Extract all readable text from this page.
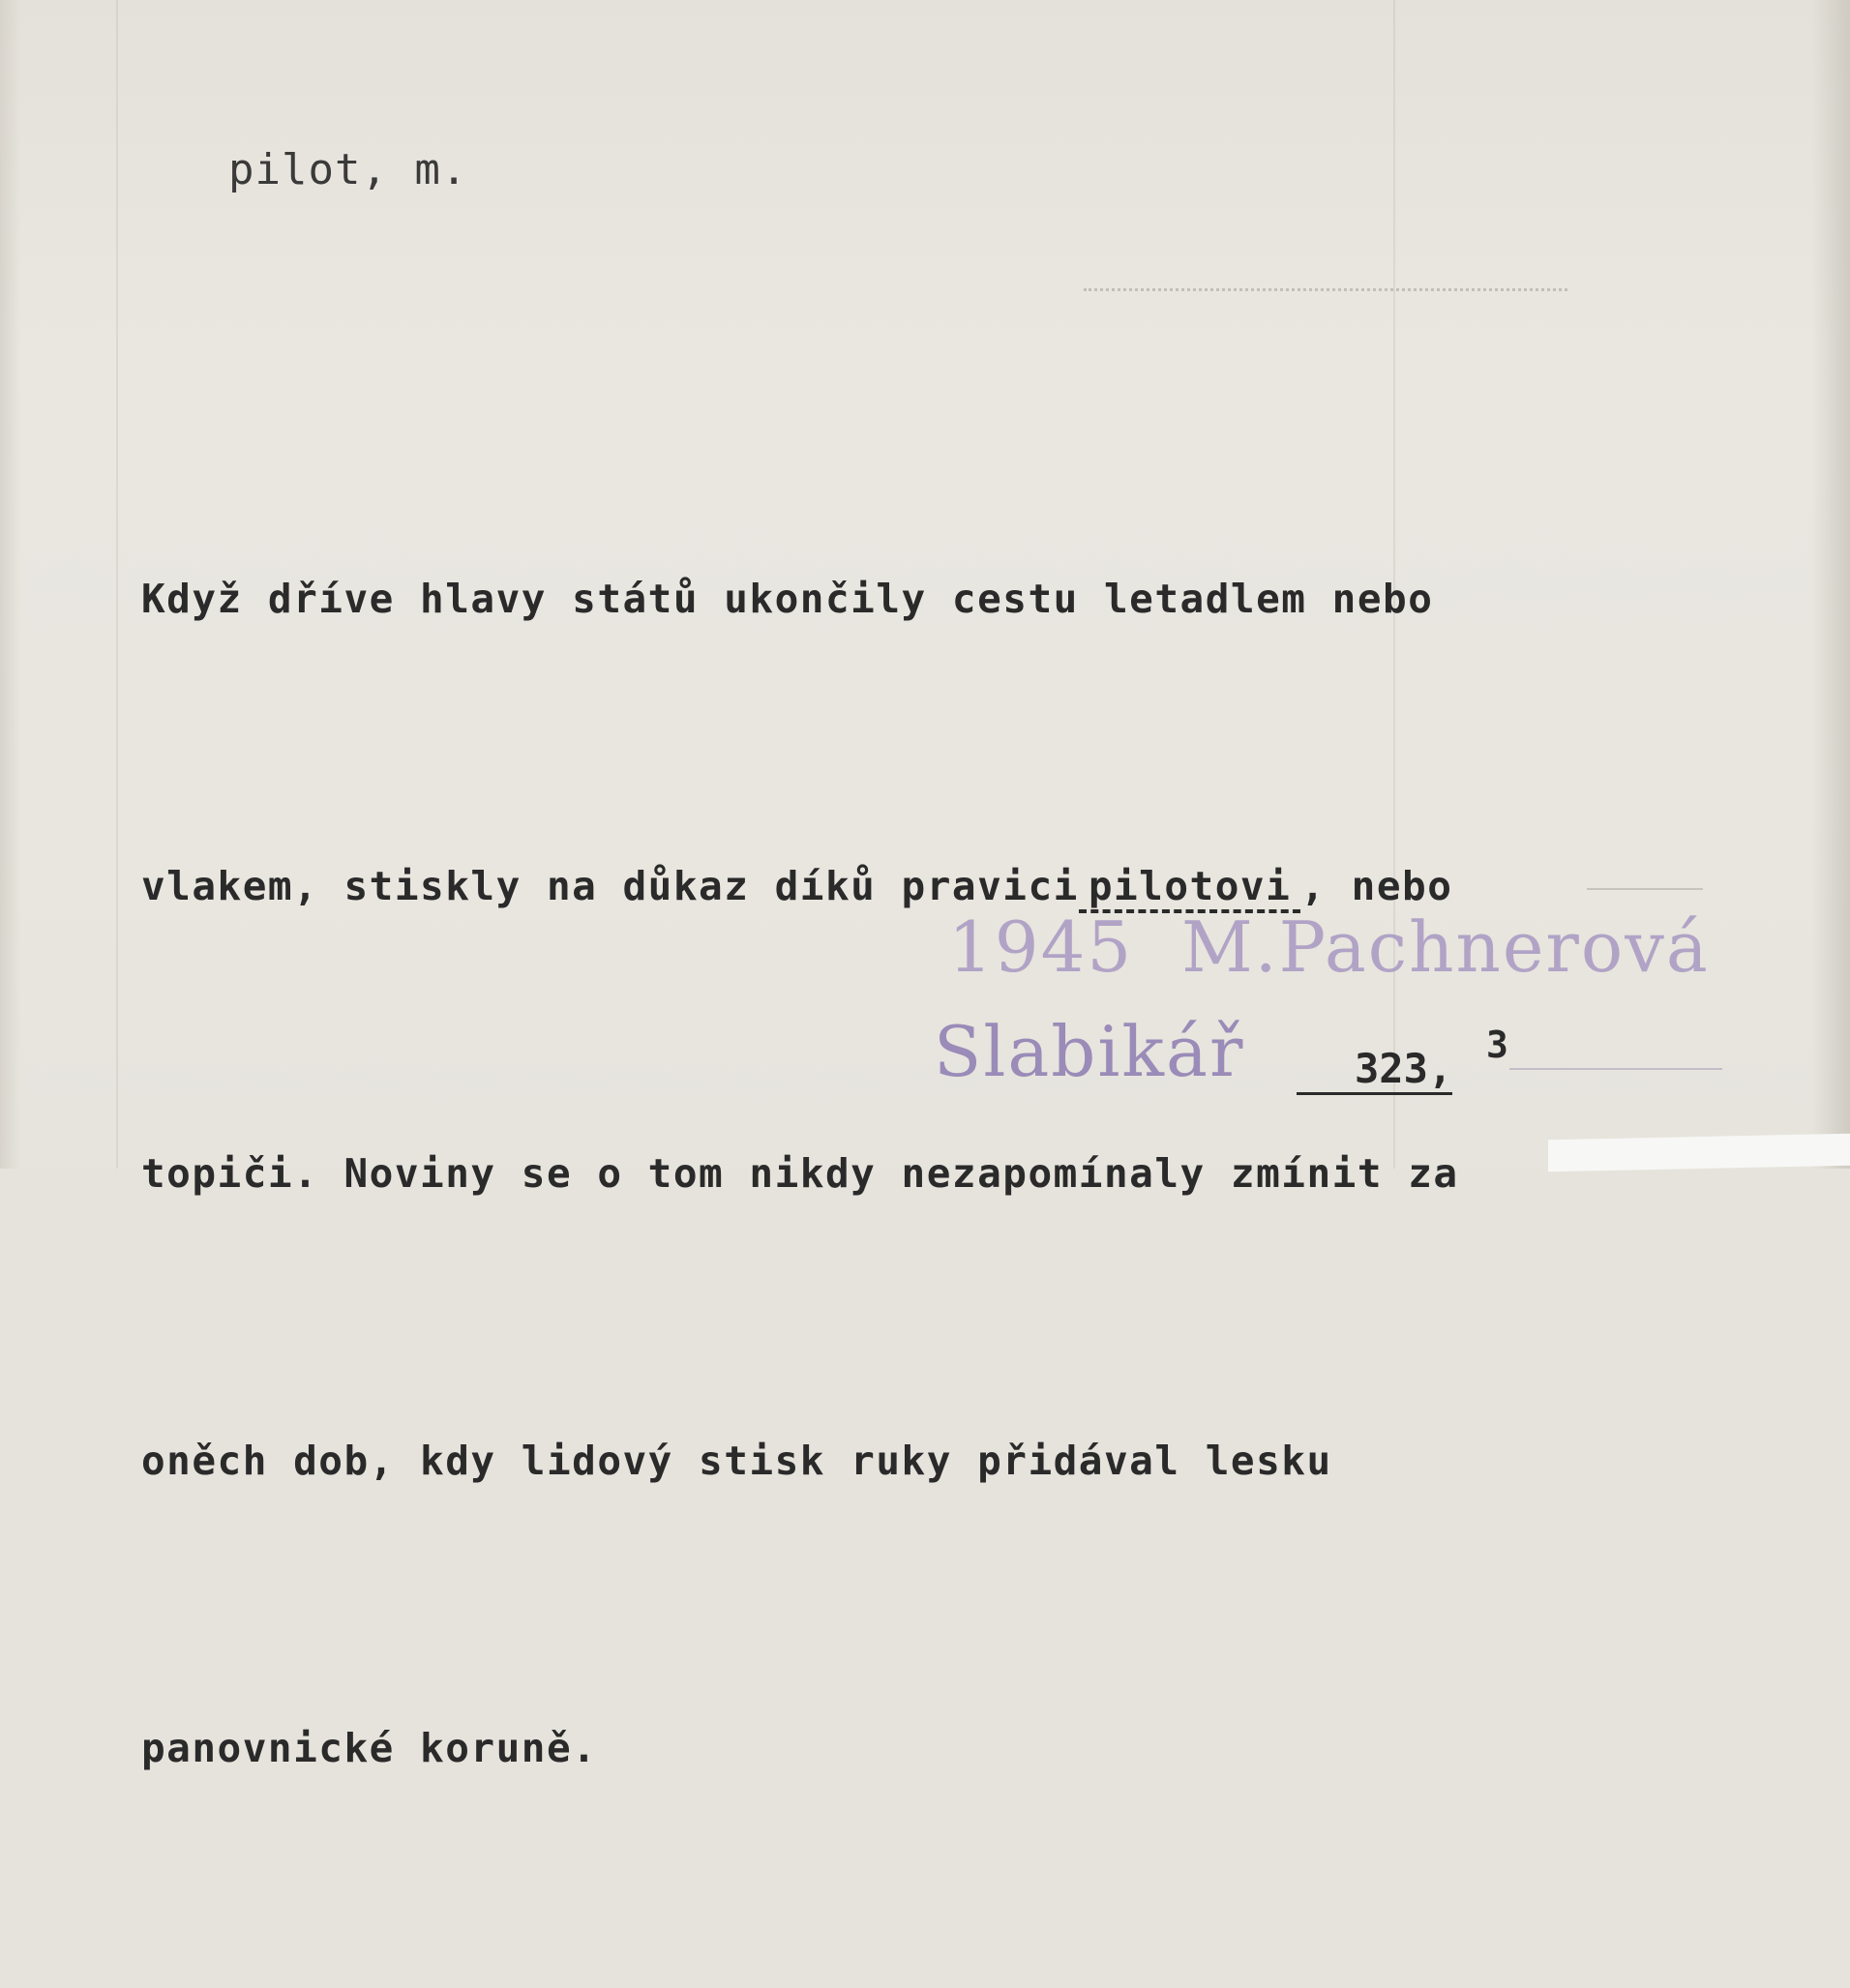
pilot, m.

Když dříve hlavy států ukončily cestu letadlem nebo

vlakem, stiskly na důkaz díků pravici pilotovi , nebo

topiči. Noviny se o tom nikdy nezapomínaly zmínit za

oněch dob, kdy lidový stisk ruky přidával lesku

panovnické koruně.

1945  M.Pachnerová
Slabikář	323, 3
